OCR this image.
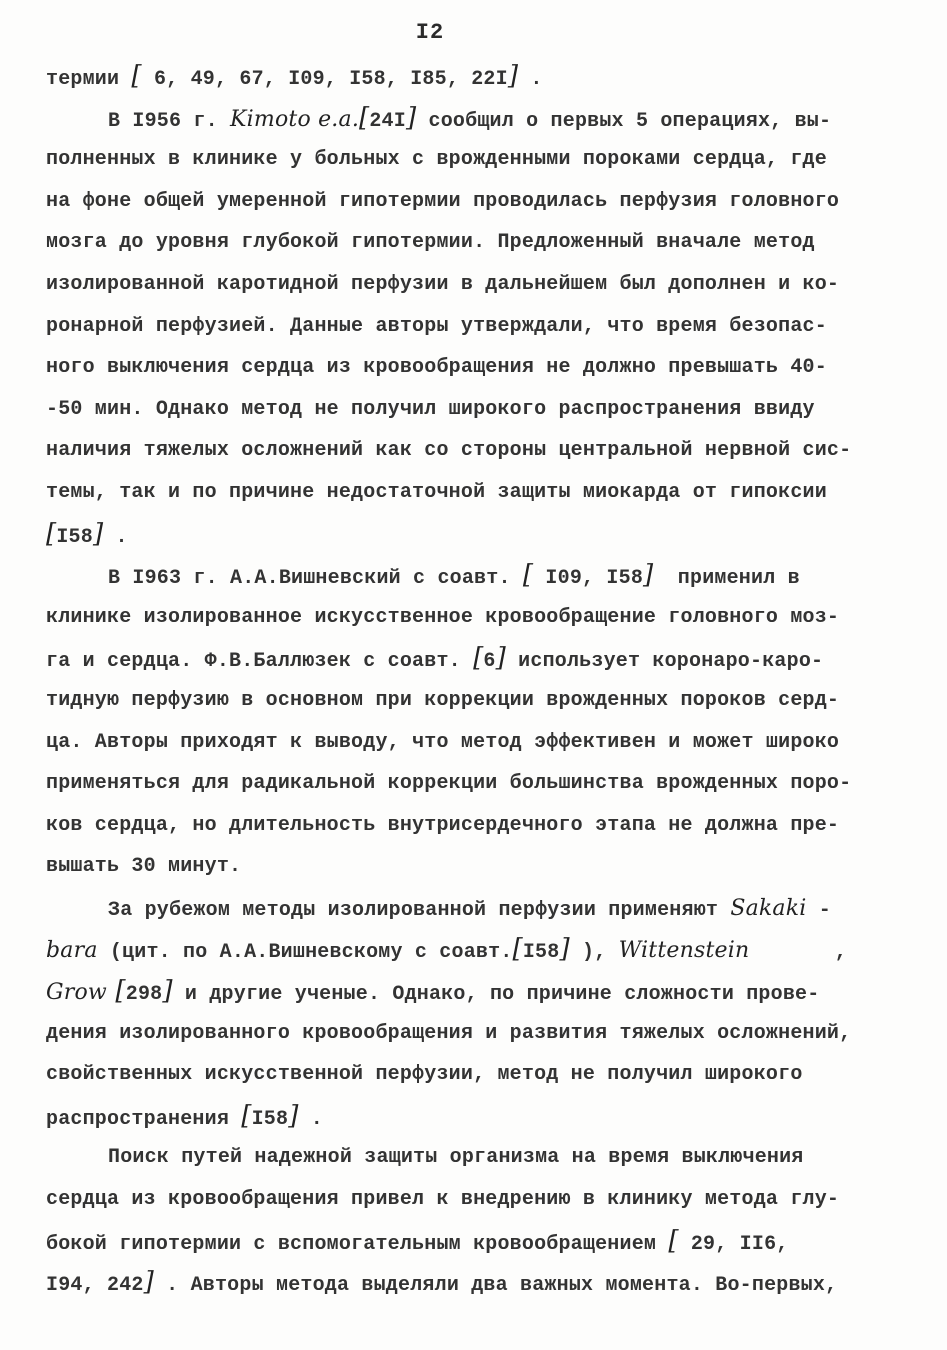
I2
термии [ 6, 49, 67, I09, I58, I85, 22I] .
В I956 г. Kimoto e.a.[24I] сообщил о первых 5 операциях, вы-
полненных в клинике у больных с врожденными пороками сердца, где
на фоне общей умеренной гипотермии проводилась перфузия головного
мозга до уровня глубокой гипотермии. Предложенный вначале метод
изолированной каротидной перфузии в дальнейшем был дополнен и ко-
ронарной перфузией. Данные авторы утверждали, что время безопас-
ного выключения сердца из кровообращения не должно превышать 40-
-50 мин. Однако метод не получил широкого распространения ввиду
наличия тяжелых осложнений как со стороны центральной нервной сис-
темы, так и по причине недостаточной защиты миокарда от гипоксии
[I58] .
В I963 г. А.А.Вишневский с соавт. [ I09, I58]  применил в
клинике изолированное искусственное кровообращение головного моз-
га и сердца. Ф.В.Баллюзек с соавт. [6] использует коронаро-каро-
тидную перфузию в основном при коррекции врожденных пороков серд-
ца. Авторы приходят к выводу, что метод эффективен и может широко
применяться для радикальной коррекции большинства врожденных поро-
ков сердца, но длительность внутрисердечного этапа не должна пре-
вышать 30 минут.
За рубежом методы изолированной перфузии применяют Sakaki -
bara (цит. по А.А.Вишневскому с соавт.[I58] ), Wittenstein       ,
Grow [298] и другие ученые. Однако, по причине сложности прове-
дения изолированного кровообращения и развития тяжелых осложнений,
свойственных искусственной перфузии, метод не получил широкого
распространения [I58] .
Поиск путей надежной защиты организма на время выключения
сердца из кровообращения привел к внедрению в клинику метода глу-
бокой гипотермии с вспомогательным кровообращением [ 29, II6,
I94, 242] . Авторы метода выделяли два важных момента. Во-первых,
